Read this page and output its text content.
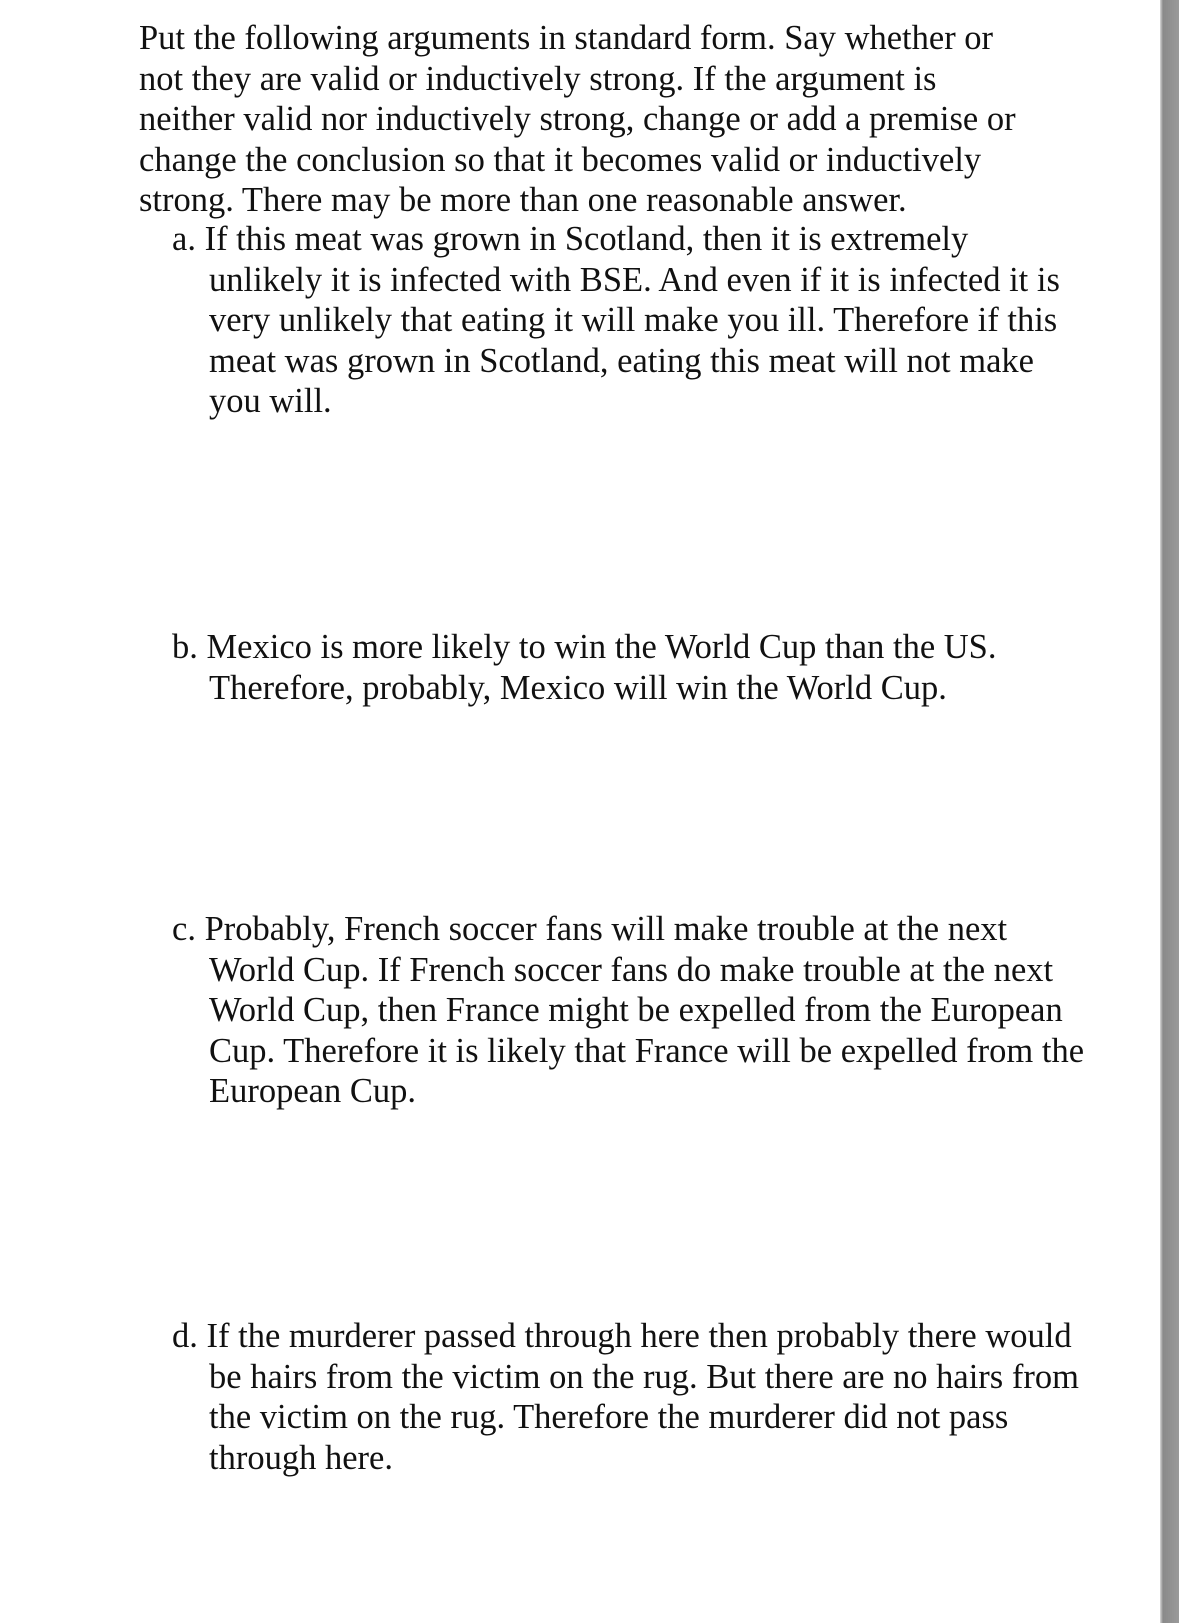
Put the following arguments in standard form. Say whether or not they are valid or inductively strong. If the argument is neither valid nor inductively strong, change or add a premise or change the conclusion so that it becomes valid or inductively strong. There may be more than one reasonable answer.

a. If this meat was grown in Scotland, then it is extremely unlikely it is infected with BSE. And even if it is infected it is very unlikely that eating it will make you ill. Therefore if this meat was grown in Scotland, eating this meat will not make you will.

b. Mexico is more likely to win the World Cup than the US. Therefore, probably, Mexico will win the World Cup.

c. Probably, French soccer fans will make trouble at the next World Cup. If French soccer fans do make trouble at the next World Cup, then France might be expelled from the European Cup. Therefore it is likely that France will be expelled from the European Cup.

d. If the murderer passed through here then probably there would be hairs from the victim on the rug. But there are no hairs from the victim on the rug. Therefore the murderer did not pass through here.
